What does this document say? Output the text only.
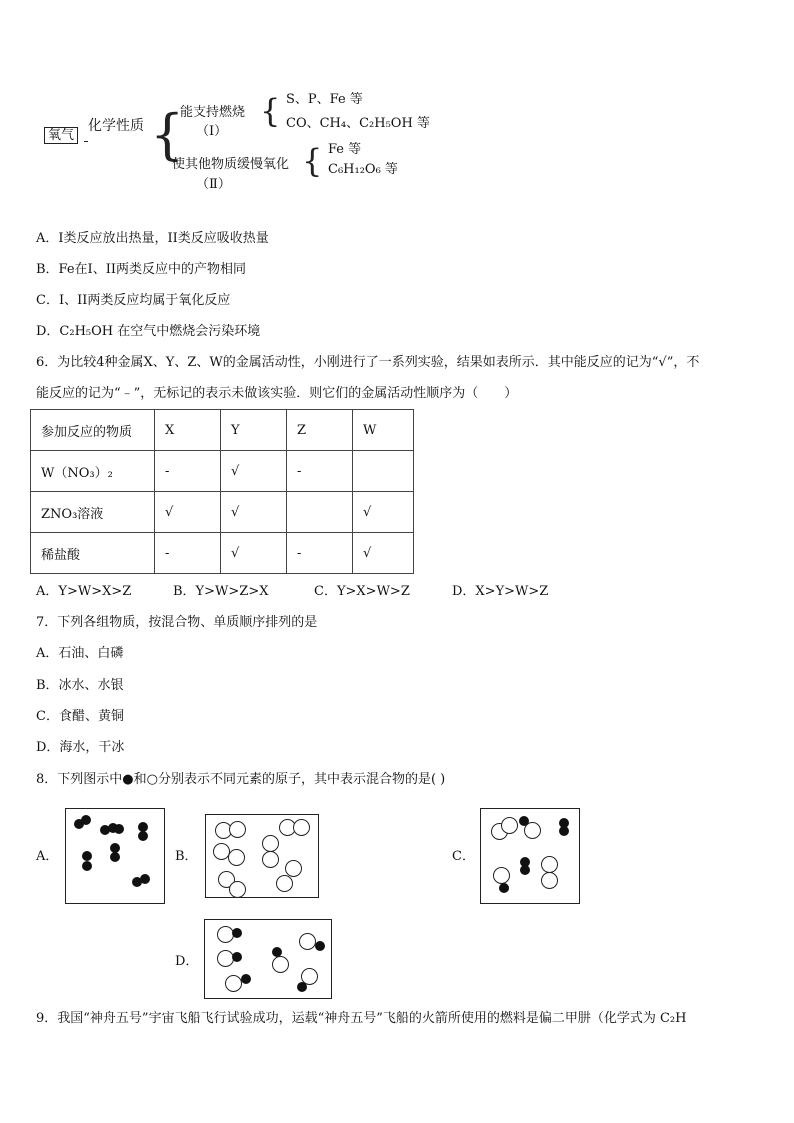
氧气
化学性质 {
能支持燃烧
（Ⅰ）
{ S、P、Fe 等
CO、CH₄、C₂H₅OH 等
使其他物质缓慢氧化
（Ⅱ）
{ Fe 等
C₆H₁₂O₆ 等
A．I类反应放出热量，II类反应吸收热量
B．Fe在I、II两类反应中的产物相同
C．I、II两类反应均属于氧化反应
D．C₂H₅OH 在空气中燃烧会污染环境
6．为比较4种金属X、Y、Z、W的金属活动性，小刚进行了一系列实验，结果如表所示．其中能反应的记为“√”，不
能反应的记为“﹣”，无标记的表示未做该实验．则它们的金属活动性顺序为（　　）
参加反应的物质	X	Y	Z	W
W（NO₃）₂	-	√	-	
ZNO₃溶液	√	√		√
稀盐酸	-	√	-	√
A．Y>W>X>Z	B．Y>W>Z>X	C．Y>X>W>Z	D．X>Y>W>Z
7．下列各组物质，按混合物、单质顺序排列的是
A．石油、白磷
B．冰水、水银
C．食醋、黄铜
D．海水，干冰
8．下列图示中●和○分别表示不同元素的原子，其中表示混合物的是( )
A．	B．	C．
D．
9．我国“神舟五号”宇宙飞船飞行试验成功，运载“神舟五号”飞船的火箭所使用的燃料是偏二甲肼（化学式为 C₂H
